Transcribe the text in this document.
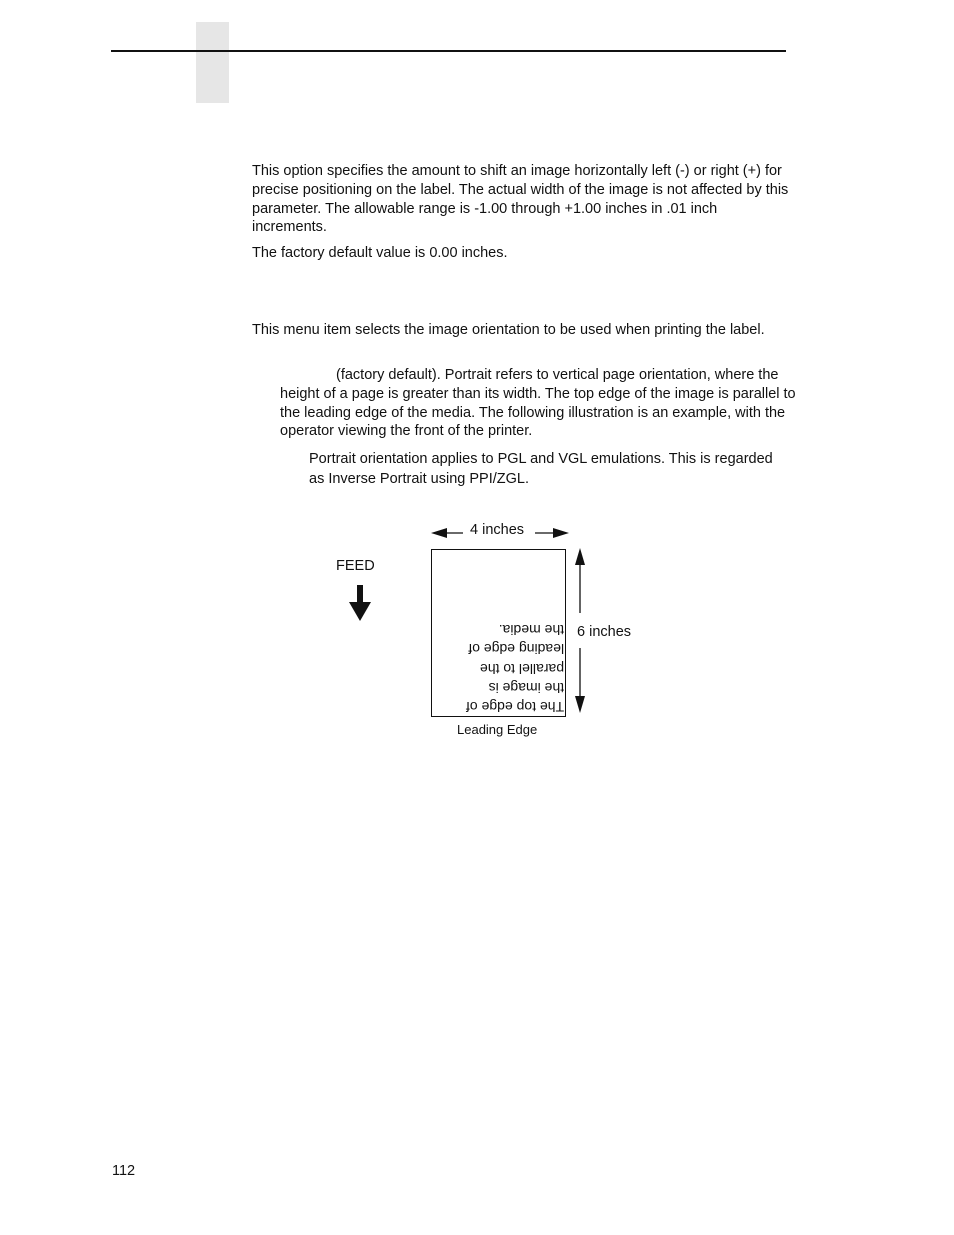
This option specifies the amount to shift an image horizontally left (-) or right (+) for precise positioning on the label. The actual width of the image is not affected by this parameter. The allowable range is -1.00 through +1.00 inches in .01 inch increments.

The factory default value is 0.00 inches.

This menu item selects the image orientation to be used when printing the label.

(factory default). Portrait refers to vertical page orientation, where the height of a page is greater than its width. The top edge of the image is parallel to the leading edge of the media. The following illustration is an example, with the operator viewing the front of the printer.

Portrait orientation applies to PGL and VGL emulations. This is regarded as Inverse Portrait using PPI/ZGL.

4 inches
FEED
6 inches
Leading Edge
The top edge of
the image is
parallel to the
leading edge of
the media.
112
